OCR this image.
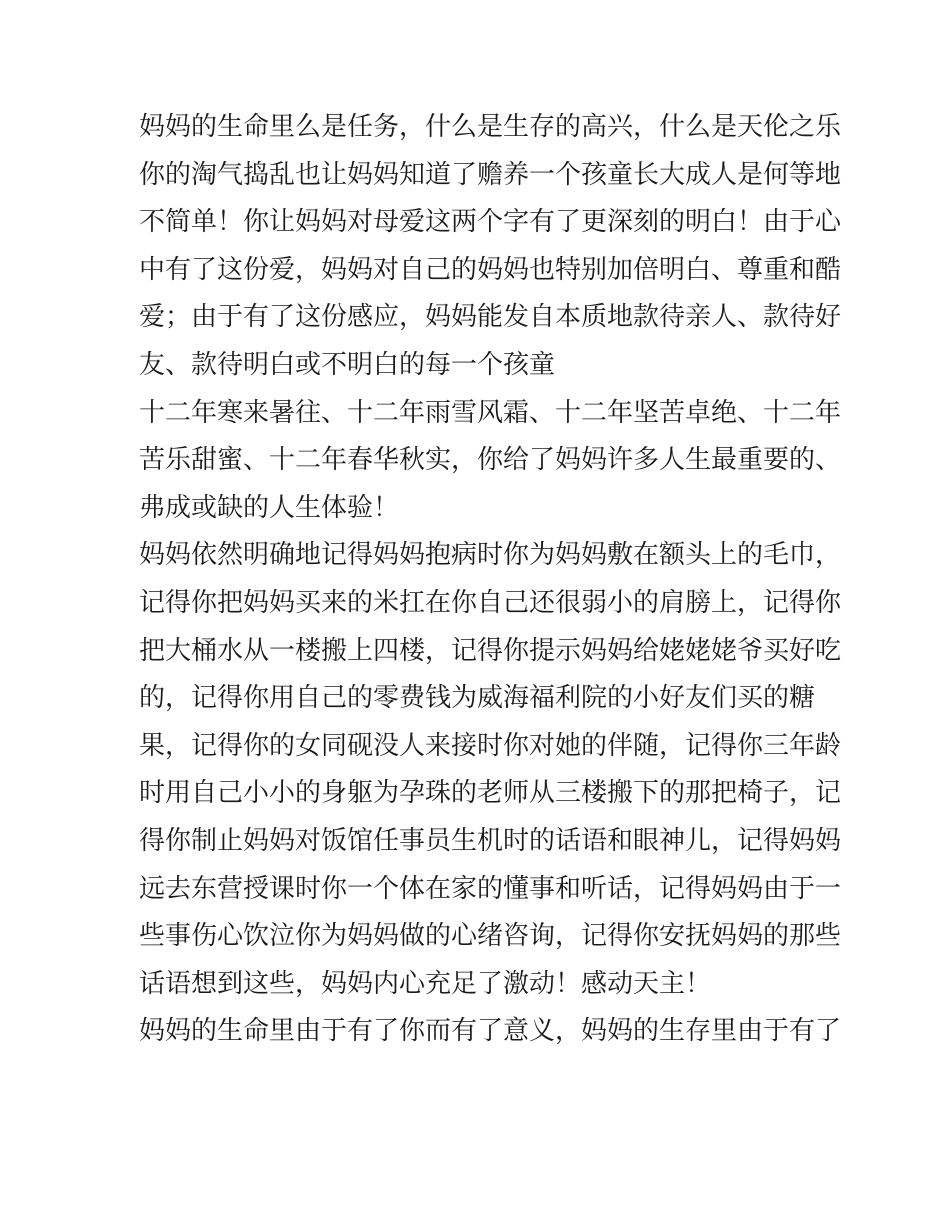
妈妈的生命里么是任务，什么是生存的高兴，什么是天伦之乐
你的淘气捣乱也让妈妈知道了赡养一个孩童长大成人是何等地
不简单！你让妈妈对母爱这两个字有了更深刻的明白！由于心
中有了这份爱，妈妈对自己的妈妈也特别加倍明白、尊重和酷
爱；由于有了这份感应，妈妈能发自本质地款待亲人、款待好
友、款待明白或不明白的每一个孩童
十二年寒来暑往、十二年雨雪风霜、十二年坚苦卓绝、十二年
苦乐甜蜜、十二年春华秋实，你给了妈妈许多人生最重要的、
弗成或缺的人生体验！
妈妈依然明确地记得妈妈抱病时你为妈妈敷在额头上的毛巾，
记得你把妈妈买来的米扛在你自己还很弱小的肩膀上，记得你
把大桶水从一楼搬上四楼，记得你提示妈妈给姥姥姥爷买好吃
的，记得你用自己的零费钱为威海福利院的小好友们买的糖
果，记得你的女同砚没人来接时你对她的伴随，记得你三年龄
时用自己小小的身躯为孕珠的老师从三楼搬下的那把椅子，记
得你制止妈妈对饭馆任事员生机时的话语和眼神儿，记得妈妈
远去东营授课时你一个体在家的懂事和听话，记得妈妈由于一
些事伤心饮泣你为妈妈做的心绪咨询，记得你安抚妈妈的那些
话语想到这些，妈妈内心充足了激动！感动天主！
妈妈的生命里由于有了你而有了意义，妈妈的生存里由于有了
